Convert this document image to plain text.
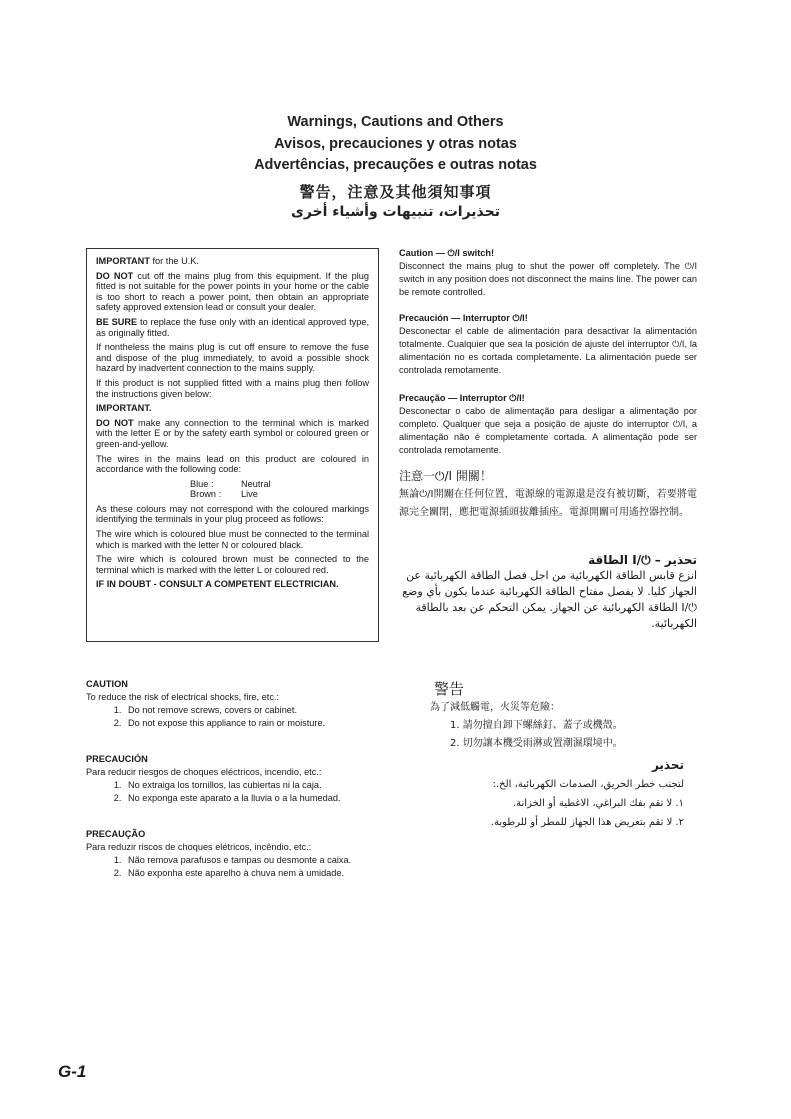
Warnings, Cautions and Others
Avisos, precauciones y otras notas
Advertências, precauções e outras notas
警告，注意及其他須知事項
تحذيرات، تنبيهات وأشياء أخرى

IMPORTANT for the U.K.

DO NOT cut off the mains plug from this equipment. If the plug fitted is not suitable for the power points in your home or the cable is too short to reach a power point, then obtain an appropriate safety approved extension lead or consult your dealer.

BE SURE to replace the fuse only with an identical approved type, as originally fitted.

If nontheless the mains plug is cut off ensure to remove the fuse and dispose of the plug immediately, to avoid a possible shock hazard by inadvertent connection to the mains supply.

If this product is not supplied fitted with a mains plug then follow the instructions given below:

IMPORTANT.

DO NOT make any connection to the terminal which is marked with the letter E or by the safety earth symbol or coloured green or green-and-yellow.

The wires in the mains lead on this product are coloured in accordance with the following code:

Blue :	Neutral
Brown :	Live

As these colours may not correspond with the coloured markings identifying the terminals in your plug proceed as follows:

The wire which is coloured blue must be connected to the terminal which is marked with the letter N or coloured black.

The wire which is coloured brown must be connected to the terminal which is marked with the letter L or coloured red.

IF IN DOUBT - CONSULT A COMPETENT ELECTRICIAN.

Caution — ⏻/I switch!

Disconnect the mains plug to shut the power off completely. The ⏻/I switch in any position does not disconnect the mains line. The power can be remote controlled.

Precaución — Interruptor ⏻/I!

Desconectar el cable de alimentación para desactivar la alimentación totalmente. Cualquier que sea la posición de ajuste del interruptor ⏻/I, la alimentación no es cortada completamente. La alimentación puede ser controlada remotamente.

Precaução — Interruptor ⏻/I!

Desconectar o cabo de alimentação para desligar a alimentação por completo. Qualquer que seja a posição de ajuste do interruptor ⏻/I, a alimentação não é completamente cortada. A alimentação pode ser controlada remotamente.

注意一⏻/I 開關！

無論⏻/I開關在任何位置，電源線的電源還是沒有被切斷，若要將電源完全關閉，應把電源插頭拔離插座。電源開關可用遙控器控制。

تحذير – ⏻/I الطاقة
انزع قابس الطاقة الكهربائية من اجل فصل الطاقة الكهربائية عن الجهاز كليا. لا يفصل مفتاح الطاقة الكهربائية عندما يكون بأي وضع ⏻/I الطاقة الكهربائية عن الجهاز. يمكن التحكم عن بعد بالطاقة الكهربائية.
CAUTION
To reduce the risk of electrical shocks, fire, etc.:
1. Do not remove screws, covers or cabinet.
2. Do not expose this appliance to rain or moisture.
PRECAUCIÓN
Para reducir riesgos de choques eléctricos, incendio, etc.:
1. No extraiga los tornillos, las cubiertas ni la caja.
2. No exponga este aparato a la lluvia o a la humedad.
PRECAUÇÃO
Para reduzir riscos de choques elétricos, incêndio, etc.:
1. Não remova parafusos e tampas ou desmonte a caixa.
2. Não exponha este aparelho à chuva nem à umidade.
警告
為了減低觸電，火災等危險：
1. 請勿擅自卸下螺絲釘、蓋子或機殼。
2. 切勿讓本機受雨淋或置潮濕環境中。
تحذير
لتجنب خطر الحريق، الصدمات الكهربائية، الخ.:
١. لا تقم بفك البراغي، الاغطية أو الخزانة.
٢. لا تقم بتعريض هذا الجهاز للمطر أو للرطوبة.
G-1
